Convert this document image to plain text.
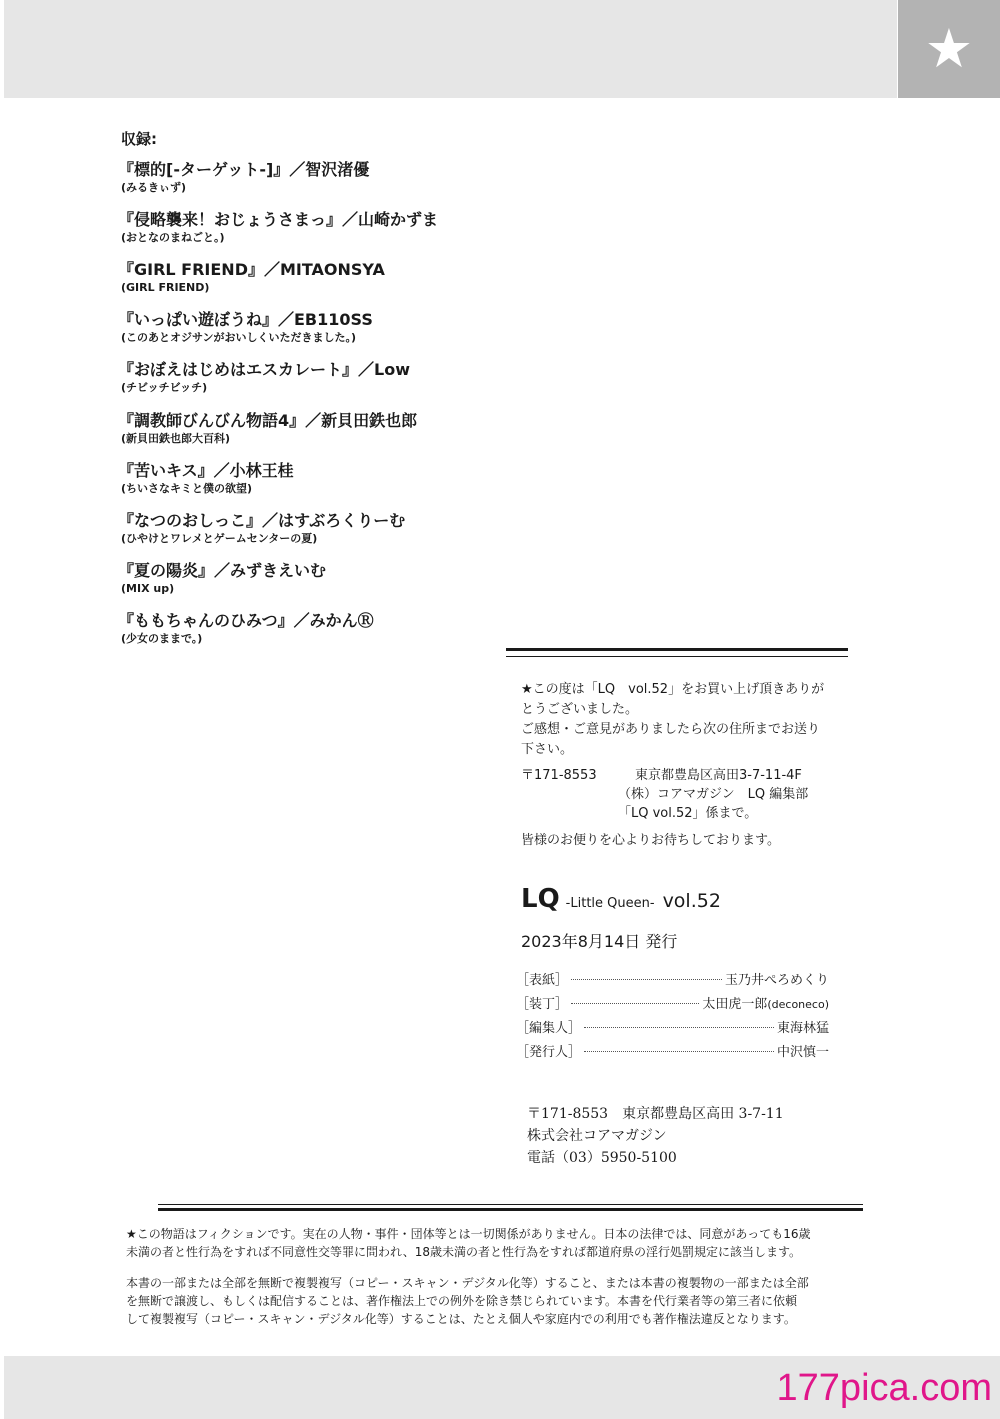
★
収録:
『標的[-ターゲット-]』／智沢渚優
(みるきぃず)
『侵略襲来！おじょうさまっ』／山崎かずま
(おとなのまねごと。)
『GIRL FRIEND』／MITAONSYA
(GIRL FRIEND)
『いっぱい遊ぼうね』／EB110SS
(このあとオジサンがおいしくいただきました。)
『おぼえはじめはエスカレート』／Low
(チビッチビッチ)
『調教師びんびん物語4』／新貝田鉄也郎
(新貝田鉄也郎大百科)
『苦いキス』／小林王桂
(ちいさなキミと僕の欲望)
『なつのおしっこ』／はすぶろくりーむ
(ひやけとワレメとゲームセンターの夏)
『夏の陽炎』／みずきえいむ
(MIX up)
『ももちゃんのひみつ』／みかんⓇ
(少女のままで。)
★この度は「LQ　vol.52」をお買い上げ頂きありが
とうございました。
ご感想・ご意見がありましたら次の住所までお送り
下さい。
〒171-8553	東京都豊島区高田3-7-11-4F
（株）コアマガジン　LQ 編集部
「LQ vol.52」係まで。
皆様のお便りを心よりお待ちしております。
LQ -Little Queen- vol.52
2023年8月14日 発行
［表紙］	玉乃井ぺろめくり
［装丁］	太田虎一郎 (deconeco)
［編集人］	東海林猛
［発行人］	中沢慎一
〒171-8553　東京都豊島区高田 3-7-11
株式会社コアマガジン
電話（03）5950-5100
★この物語はフィクションです。実在の人物・事件・団体等とは一切関係がありません。日本の法律では、同意があっても16歳
未満の者と性行為をすれば不同意性交等罪に問われ、18歳未満の者と性行為をすれば都道府県の淫行処罰規定に該当します。
本書の一部または全部を無断で複製複写（コピー・スキャン・デジタル化等）すること、または本書の複製物の一部または全部
を無断で譲渡し、もしくは配信することは、著作権法上での例外を除き禁じられています。本書を代行業者等の第三者に依頼
して複製複写（コピー・スキャン・デジタル化等）することは、たとえ個人や家庭内での利用でも著作権法違反となります。
177pica.com
